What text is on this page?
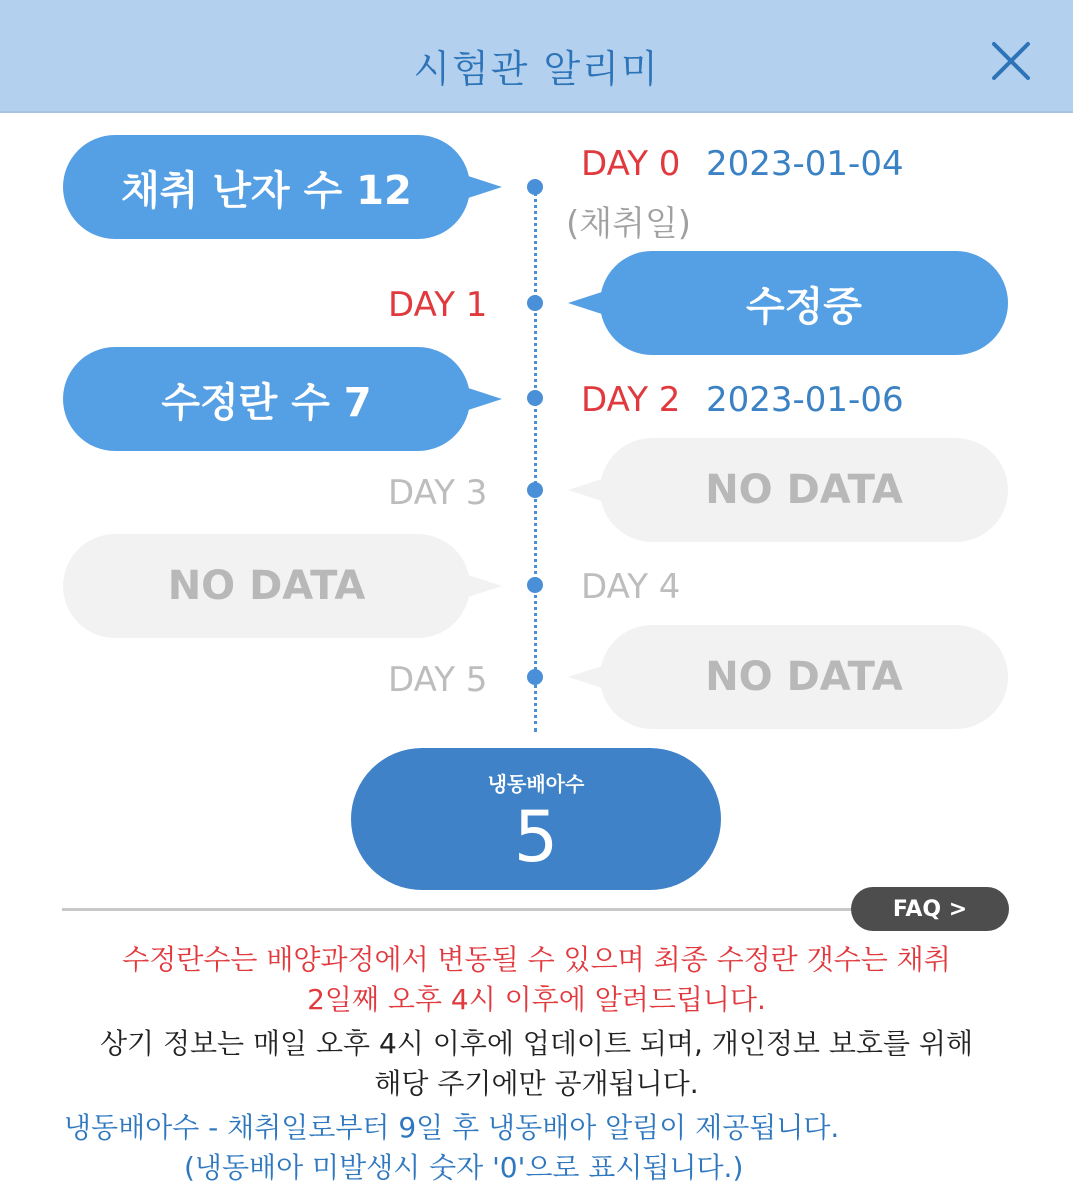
시험관 알리미
채취 난자 수 12
DAY 0 2023-01-04
(채취일)
DAY 1	수정중
수정란 수 7	DAY 2 2023-01-06
DAY 3	NO DATA
NO DATA	DAY 4
DAY 5	NO DATA
냉동배아수
5
FAQ >
수정란수는 배양과정에서 변동될 수 있으며 최종 수정란 갯수는 채취
2일째 오후 4시 이후에 알려드립니다.
상기 정보는 매일 오후 4시 이후에 업데이트 되며, 개인정보 보호를 위해
해당 주기에만 공개됩니다.
냉동배아수 - 채취일로부터 9일 후 냉동배아 알림이 제공됩니다.
(냉동배아 미발생시 숫자 '0'으로 표시됩니다.)
